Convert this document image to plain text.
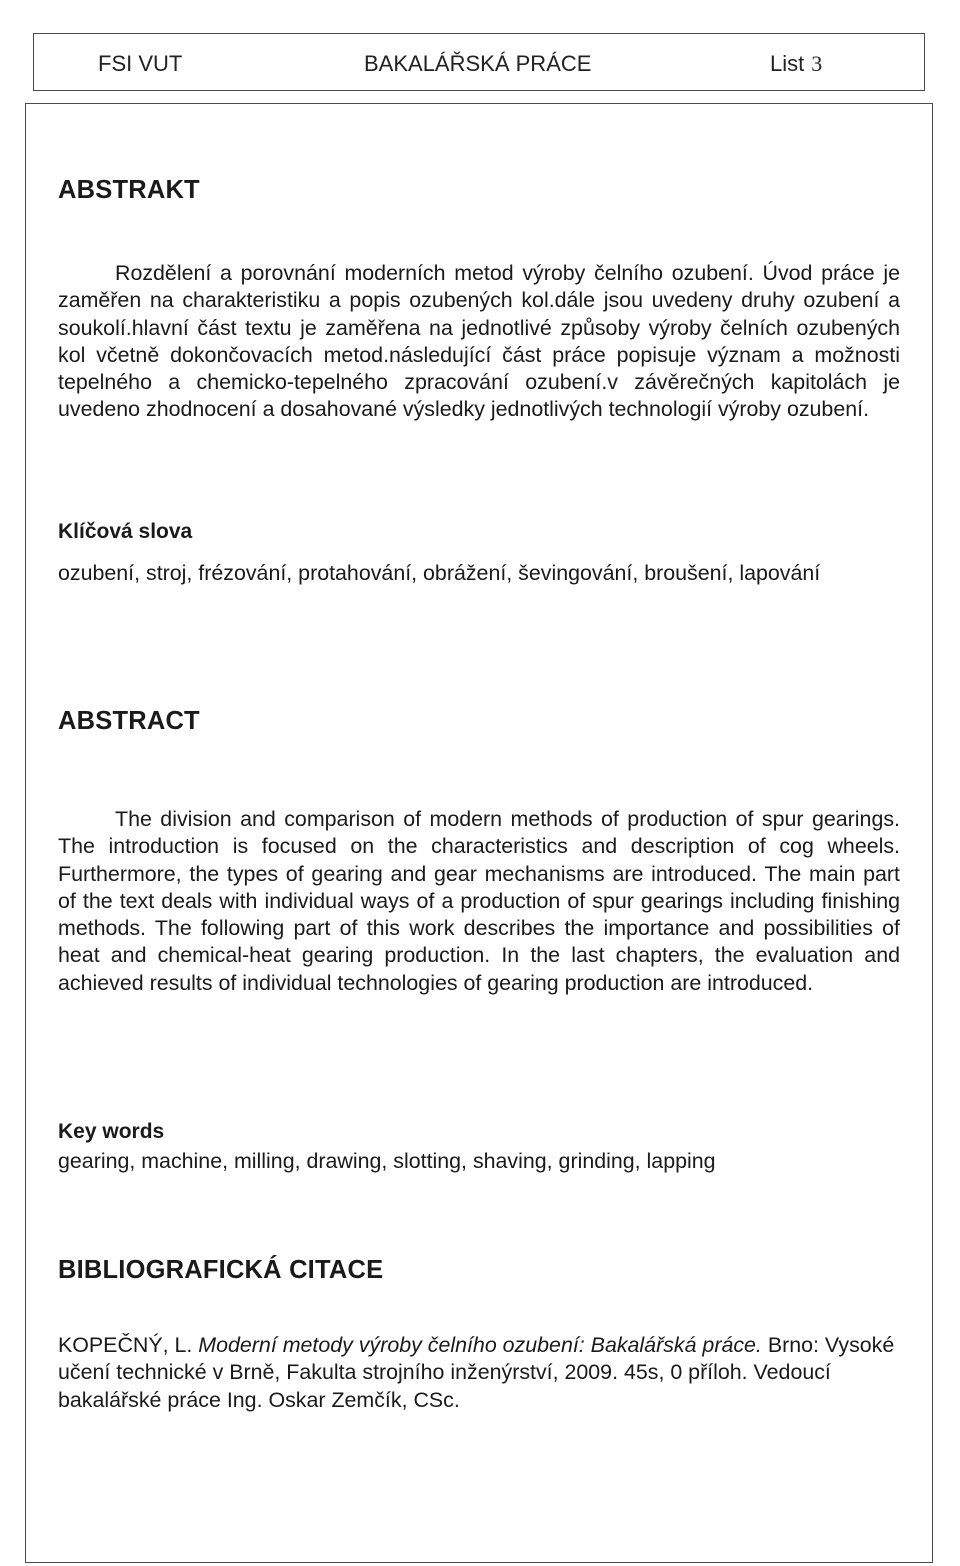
FSI VUT	BAKALÁŘSKÁ PRÁCE	List 3
ABSTRAKT

Rozdělení a porovnání moderních metod výroby čelního ozubení. Úvod práce je zaměřen na charakteristiku a popis ozubených kol.dále jsou uvedeny druhy ozubení a soukolí.hlavní část textu je zaměřena na jednotlivé způsoby výroby čelních ozubených kol včetně dokončovacích metod.následující část práce popisuje význam a možnosti tepelného a chemicko-tepelného zpracování ozubení.v závěrečných kapitolách je uvedeno zhodnocení a dosahované výsledky jednotlivých technologií výroby ozubení.

Klíčová slova

ozubení, stroj, frézování, protahování, obrážení, ševingování, broušení, lapování

ABSTRACT

The division and comparison of modern methods of production of spur gearings. The introduction is focused on the characteristics and description of cog wheels. Furthermore, the types of gearing and gear mechanisms are introduced. The main part of the text deals with individual ways of a production of spur gearings including finishing methods. The following part of this work describes the importance and possibilities of heat and chemical-heat gearing production. In the last chapters, the evaluation and achieved results of individual technologies of gearing production are introduced.

Key words

gearing, machine, milling, drawing, slotting, shaving, grinding, lapping

BIBLIOGRAFICKÁ CITACE

KOPEČNÝ, L. Moderní metody výroby čelního ozubení: Bakalářská práce. Brno: Vysoké učení technické v Brně, Fakulta strojního inženýrství, 2009. 45s, 0 příloh. Vedoucí bakalářské práce Ing. Oskar Zemčík, CSc.
